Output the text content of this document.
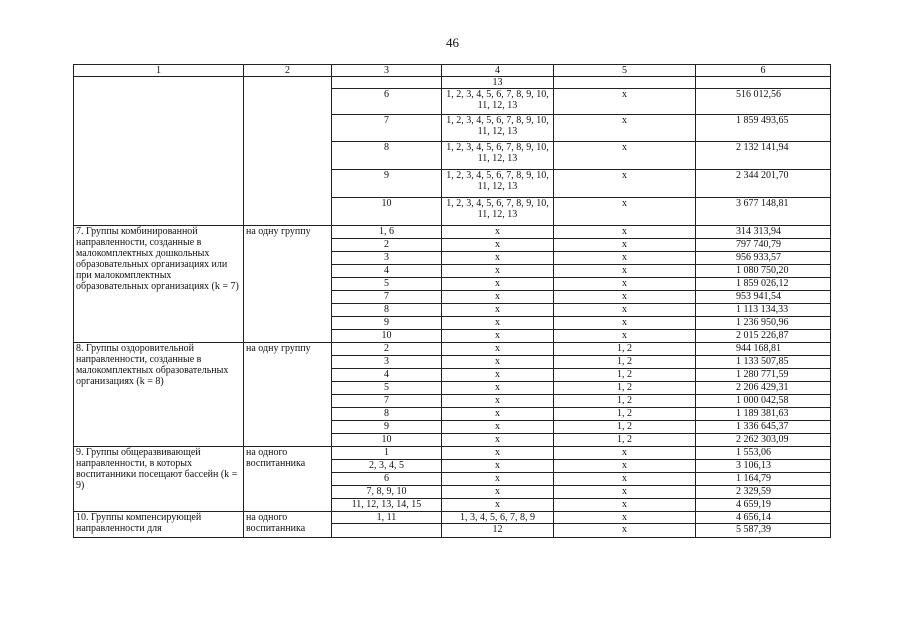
46
1	2	3	4	5	6
			13		
		6	1, 2, 3, 4, 5, 6, 7, 8, 9, 10, 11, 12, 13	x	516 012,56
		7	1, 2, 3, 4, 5, 6, 7, 8, 9, 10, 11, 12, 13	x	1 859 493,65
		8	1, 2, 3, 4, 5, 6, 7, 8, 9, 10, 11, 12, 13	x	2 132 141,94
		9	1, 2, 3, 4, 5, 6, 7, 8, 9, 10, 11, 12, 13	x	2 344 201,70
		10	1, 2, 3, 4, 5, 6, 7, 8, 9, 10, 11, 12, 13	x	3 677 148,81
7. Группы комбинированной направленности, созданные в малокомплектных дошкольных образовательных организациях или при малокомплектных образовательных организациях (k = 7)	на одну группу	1, 6	x	x	314 313,94
		2	x	x	797 740,79
		3	x	x	956 933,57
		4	x	x	1 080 750,20
		5	x	x	1 859 026,12
		7	x	x	953 941,54
		8	x	x	1 113 134,33
		9	x	x	1 236 950,96
		10	x	x	2 015 226,87
8. Группы оздоровительной направленности, созданные в малокомплектных образовательных организациях (k = 8)	на одну группу	2	x	1, 2	944 168,81
		3	x	1, 2	1 133 507,85
		4	x	1, 2	1 280 771,59
		5	x	1, 2	2 206 429,31
		7	x	1, 2	1 000 042,58
		8	x	1, 2	1 189 381,63
		9	x	1, 2	1 336 645,37
		10	x	1, 2	2 262 303,09
9. Группы общеразвивающей направленности, в которых воспитанники посещают бассейн (k = 9)	на одного воспитанника	1	x	x	1 553,06
		2, 3, 4, 5	x	x	3 106,13
		6	x	x	1 164,79
		7, 8, 9, 10	x	x	2 329,59
		11, 12, 13, 14, 15	x	x	4 659,19
10. Группы компенсирующей направленности для	на одного воспитанника	1, 11	1, 3, 4, 5, 6, 7, 8, 9	x	4 656,14
			12	x	5 587,39
